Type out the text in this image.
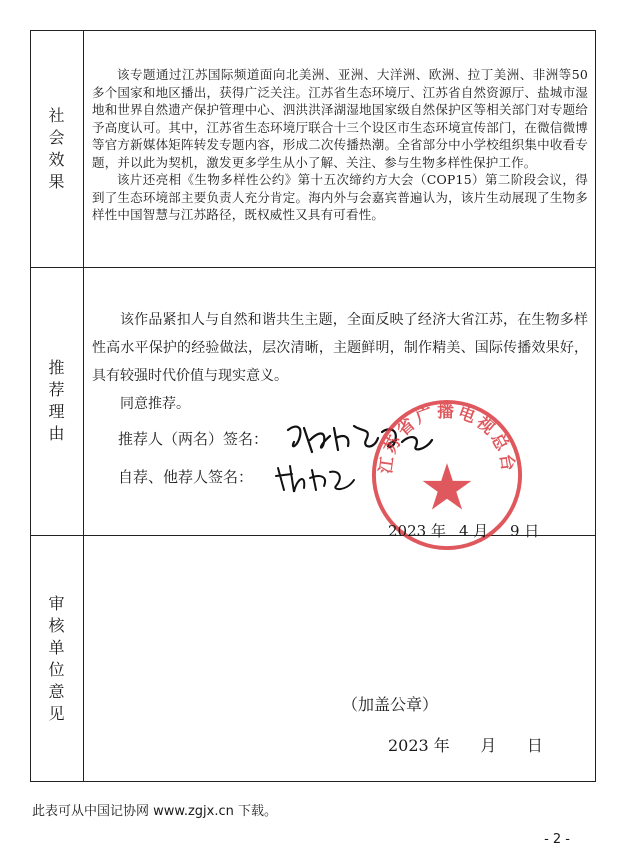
社会效果

该专题通过江苏国际频道面向北美洲、亚洲、大洋洲、欧洲、拉丁美洲、非洲等50多个国家和地区播出，获得广泛关注。江苏省生态环境厅、江苏省自然资源厅、盐城市湿地和世界自然遗产保护管理中心、泗洪洪泽湖湿地国家级自然保护区等相关部门对专题给予高度认可。其中，江苏省生态环境厅联合十三个设区市生态环境宣传部门，在微信微博等官方新媒体矩阵转发专题内容，形成二次传播热潮。全省部分中小学校组织集中收看专题，并以此为契机，激发更多学生从小了解、关注、参与生物多样性保护工作。

该片还亮相《生物多样性公约》第十五次缔约方大会（COP15）第二阶段会议，得到了生态环境部主要负责人充分肯定。海内外与会嘉宾普遍认为，该片生动展现了生物多样性中国智慧与江苏路径，既权威性又具有可看性。

推荐理由

该作品紧扣人与自然和谐共生主题，全面反映了经济大省江苏，在生物多样性高水平保护的经验做法，层次清晰，主题鲜明，制作精美、国际传播效果好，具有较强时代价值与现实意义。

同意推荐。

推荐人（两名）签名：
自荐、他荐人签名：
江苏省广播电视总台
2023 年 4 月 9 日
审核单位意见	（加盖公章）
2023 年      月      日
此表可从中国记协网 www.zgjx.cn 下载。
- 2 -
